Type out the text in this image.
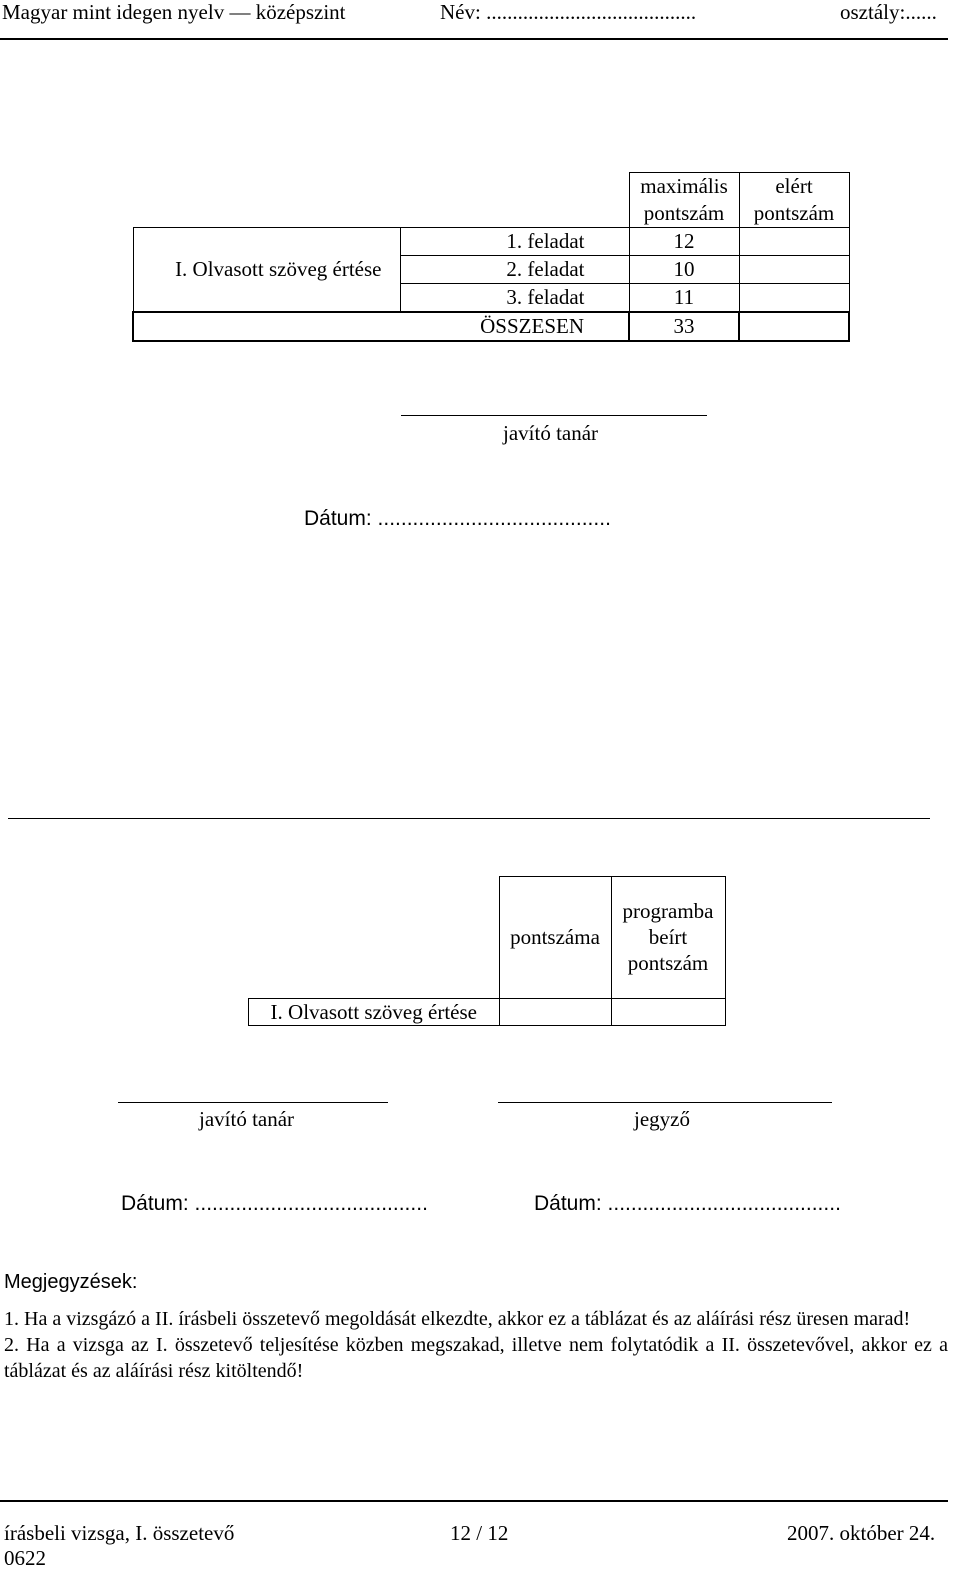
Magyar mint idegen nyelv — középszint	Név: ........................................	osztály:......
		maximális	elért
		pontszám	pontszám
I. Olvasott szöveg értése	1. feladat	12	
	2. feladat	10	
	3. feladat	11	
	ÖSSZESEN	33	
javító tanár
Dátum: ........................................
	pontszáma	programba
beírt
pontszám

I. Olvasott szöveg értése		
javító tanár	jegyző
Dátum: ........................................	Dátum: ........................................
Megjegyzések:

1. Ha a vizsgázó a II. írásbeli összetevő megoldását elkezdte, akkor ez a táblázat és az aláírási rész üresen marad!

2. Ha a vizsga az I. összetevő teljesítése közben megszakad, illetve nem folytatódik a II. összetevővel, akkor ez a táblázat és az aláírási rész kitöltendő!

írásbeli vizsga, I. összetevő
0622
12 / 12	2007. október 24.
